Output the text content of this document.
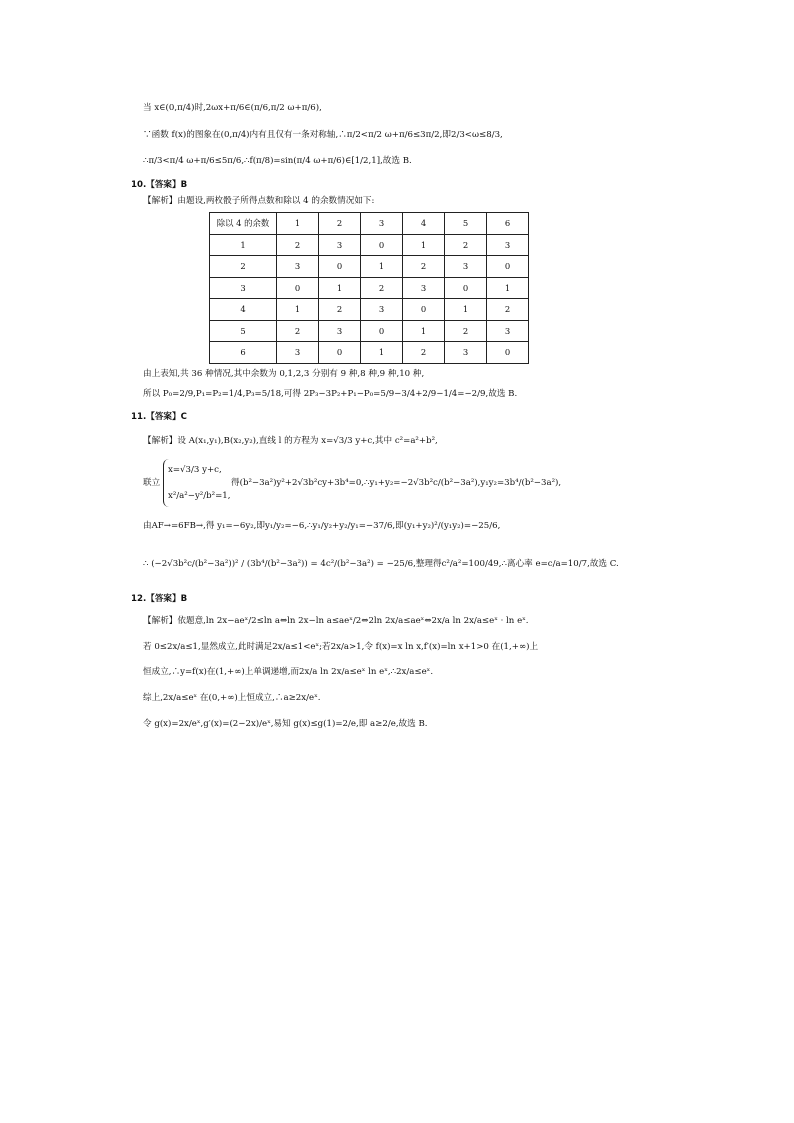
当 x∈(0,π/4)时,2ωx+π/6∈(π/6,π/2 ω+π/6),
∵函数 f(x)的图象在(0,π/4)内有且仅有一条对称轴,∴π/2<π/2 ω+π/6≤3π/2,即2/3<ω≤8/3,
∴π/3<π/4 ω+π/6≤5π/6,∴f(π/8)=sin(π/4 ω+π/6)∈[1/2,1],故选 B.
10.【答案】B
【解析】由题设,两枚骰子所得点数和除以 4 的余数情况如下:
除以 4 的余数	1	2	3	4	5	6
1	2	3	0	1	2	3
2	3	0	1	2	3	0
3	0	1	2	3	0	1
4	1	2	3	0	1	2
5	2	3	0	1	2	3
6	3	0	1	2	3	0
由上表知,共 36 种情况,其中余数为 0,1,2,3 分别有 9 种,8 种,9 种,10 种,
所以 P₀=2/9,P₁=P₂=1/4,P₃=5/18,可得 2P₃−3P₂+P₁−P₀=5/9−3/4+2/9−1/4=−2/9,故选 B.
11.【答案】C
【解析】设 A(x₁,y₁),B(x₂,y₂),直线 l 的方程为 x=√3/3 y+c,其中 c²=a²+b²,
x=√3/3 y+c,
x²/a²−y²/b²=1,
联立	得(b²−3a²)y²+2√3b²cy+3b⁴=0,∴y₁+y₂=−2√3b²c/(b²−3a²),y₁y₂=3b⁴/(b²−3a²),
由AF→=6FB→,得 y₁=−6y₂,即y₁/y₂=−6,∴y₁/y₂+y₂/y₁=−37/6,即(y₁+y₂)²/(y₁y₂)=−25/6,
∴ (−2√3b²c/(b²−3a²))² / (3b⁴/(b²−3a²)) = 4c²/(b²−3a²) = −25/6,整理得c²/a²=100/49,∴离心率 e=c/a=10/7,故选 C.
12.【答案】B
【解析】依题意,ln 2x−aeˣ/2≤ln a⇔ln 2x−ln a≤aeˣ/2⇔2ln 2x/a≤aeˣ⇔2x/a ln 2x/a≤eˣ · ln eˣ.
若 0≤2x/a≤1,显然成立,此时满足2x/a≤1<eˣ;若2x/a>1,令 f(x)=x ln x,f′(x)=ln x+1>0 在(1,+∞)上
恒成立,∴y=f(x)在(1,+∞)上单调递增,而2x/a ln 2x/a≤eˣ ln eˣ,∴2x/a≤eˣ.
综上,2x/a≤eˣ 在(0,+∞)上恒成立,∴a≥2x/eˣ.
令 g(x)=2x/eˣ,g′(x)=(2−2x)/eˣ,易知 g(x)≤g(1)=2/e,即 a≥2/e,故选 B.
